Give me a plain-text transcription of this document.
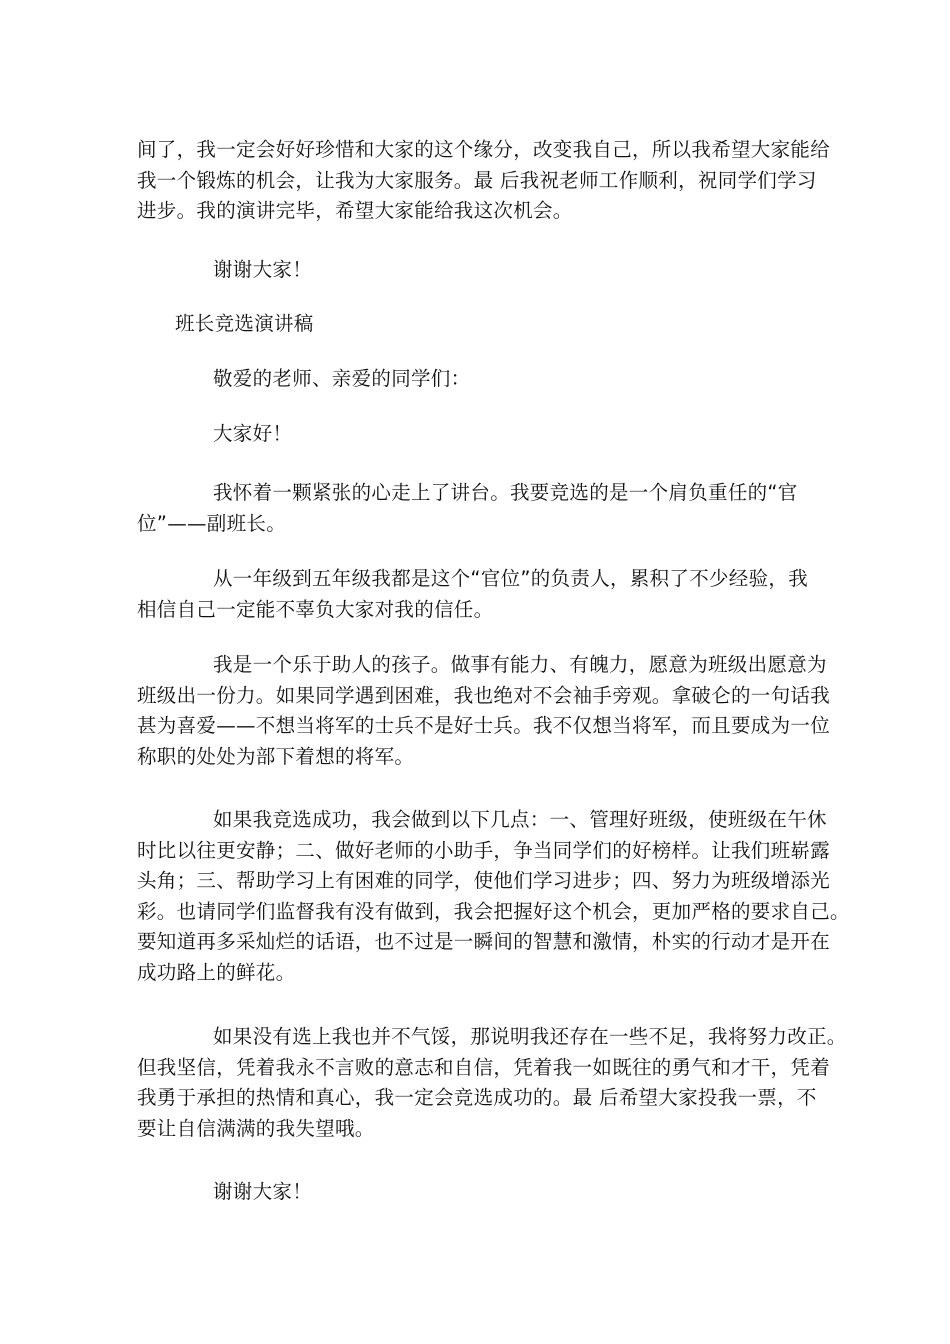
间了，我一定会好好珍惜和大家的这个缘分，改变我自己，所以我希望大家能给
我一个锻炼的机会，让我为大家服务。最 后我祝老师工作顺利，祝同学们学习
进步。我的演讲完毕，希望大家能给我这次机会。

谢谢大家！

班长竞选演讲稿

敬爱的老师、亲爱的同学们：

大家好！

我怀着一颗紧张的心走上了讲台。我要竞选的是一个肩负重任的“官
位”——副班长。

从一年级到五年级我都是这个“官位”的负责人，累积了不少经验，我
相信自己一定能不辜负大家对我的信任。

我是一个乐于助人的孩子。做事有能力、有魄力，愿意为班级出愿意为
班级出一份力。如果同学遇到困难，我也绝对不会袖手旁观。拿破仑的一句话我
甚为喜爱——不想当将军的士兵不是好士兵。我不仅想当将军，而且要成为一位
称职的处处为部下着想的将军。

如果我竞选成功，我会做到以下几点：一、管理好班级，使班级在午休
时比以往更安静；二、做好老师的小助手，争当同学们的好榜样。让我们班崭露
头角；三、帮助学习上有困难的同学，使他们学习进步；四、努力为班级增添光
彩。也请同学们监督我有没有做到，我会把握好这个机会，更加严格的要求自己。
要知道再多采灿烂的话语，也不过是一瞬间的智慧和激情，朴实的行动才是开在
成功路上的鲜花。

如果没有选上我也并不气馁，那说明我还存在一些不足，我将努力改正。
但我坚信，凭着我永不言败的意志和自信，凭着我一如既往的勇气和才干，凭着
我勇于承担的热情和真心，我一定会竞选成功的。最 后希望大家投我一票，不
要让自信满满的我失望哦。

谢谢大家！
